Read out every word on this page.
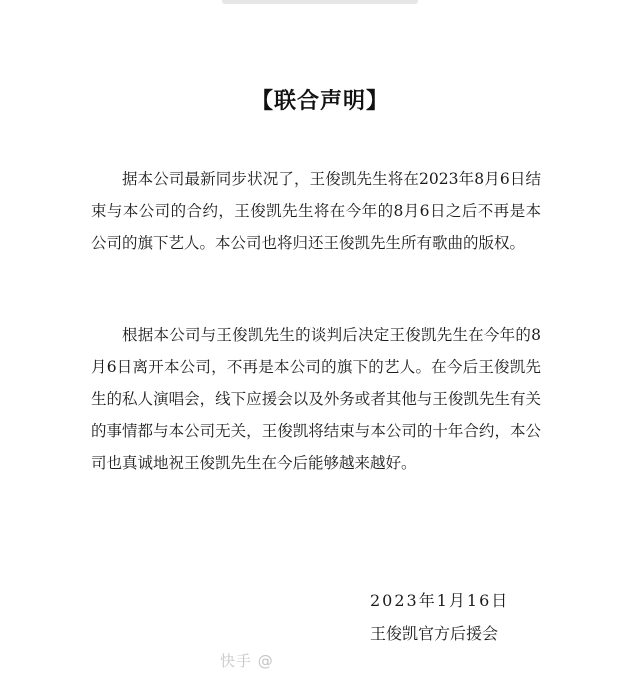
【联合声明】

据本公司最新同步状况了，王俊凯先生将在2023年8月6日结束与本公司的合约，王俊凯先生将在今年的8月6日之后不再是本公司的旗下艺人。本公司也将归还王俊凯先生所有歌曲的版权。

根据本公司与王俊凯先生的谈判后决定王俊凯先生在今年的8月6日离开本公司，不再是本公司的旗下的艺人。在今后王俊凯先生的私人演唱会，线下应援会以及外务或者其他与王俊凯先生有关的事情都与本公司无关，王俊凯将结束与本公司的十年合约，本公司也真诚地祝王俊凯先生在今后能够越来越好。

2023年1月16日
王俊凯官方后援会
快手 @
